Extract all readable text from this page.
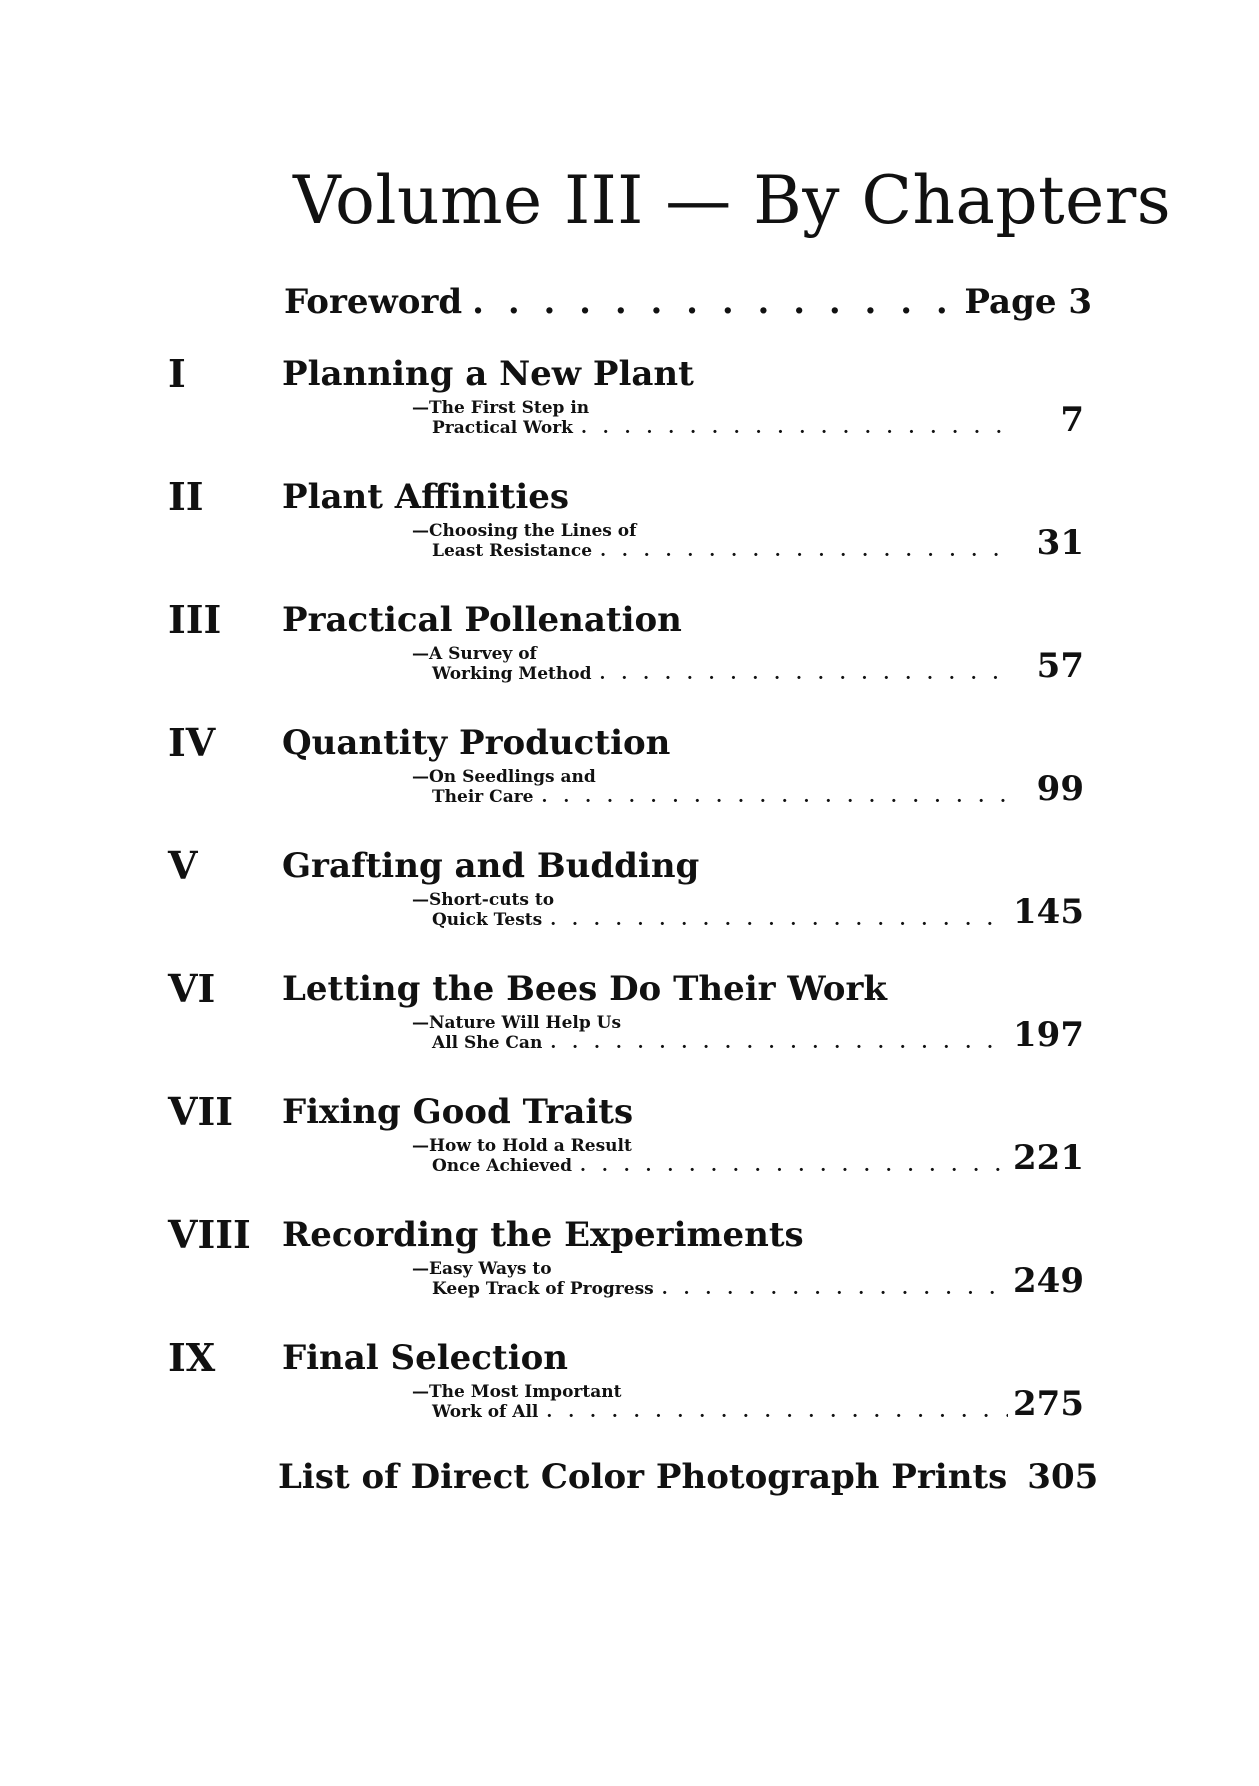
Volume III — By Chapters
Foreword . . .	Page 3
I	Planning a New Plant
—The First Step in
Practical Work . . .	7
II Plant Affinities
—Choosing the Lines of
Least Resistance . . .	31
III Practical Pollenation
—A Survey of
Working Method . . .	57
IV Quantity Production
—On Seedlings and
Their Care . . .	99
V Grafting and Budding
—Short-cuts to
Quick Tests . . .	145
VI Letting the Bees Do Their Work
—Nature Will Help Us
All She Can . . .	197
VII Fixing Good Traits
—How to Hold a Result
Once Achieved . . .	221
VIII Recording the Experiments
—Easy Ways to
Keep Track of Progress . . .	249
IX Final Selection
—The Most Important
Work of All . . .	275
List of Direct Color Photograph Prints 305
